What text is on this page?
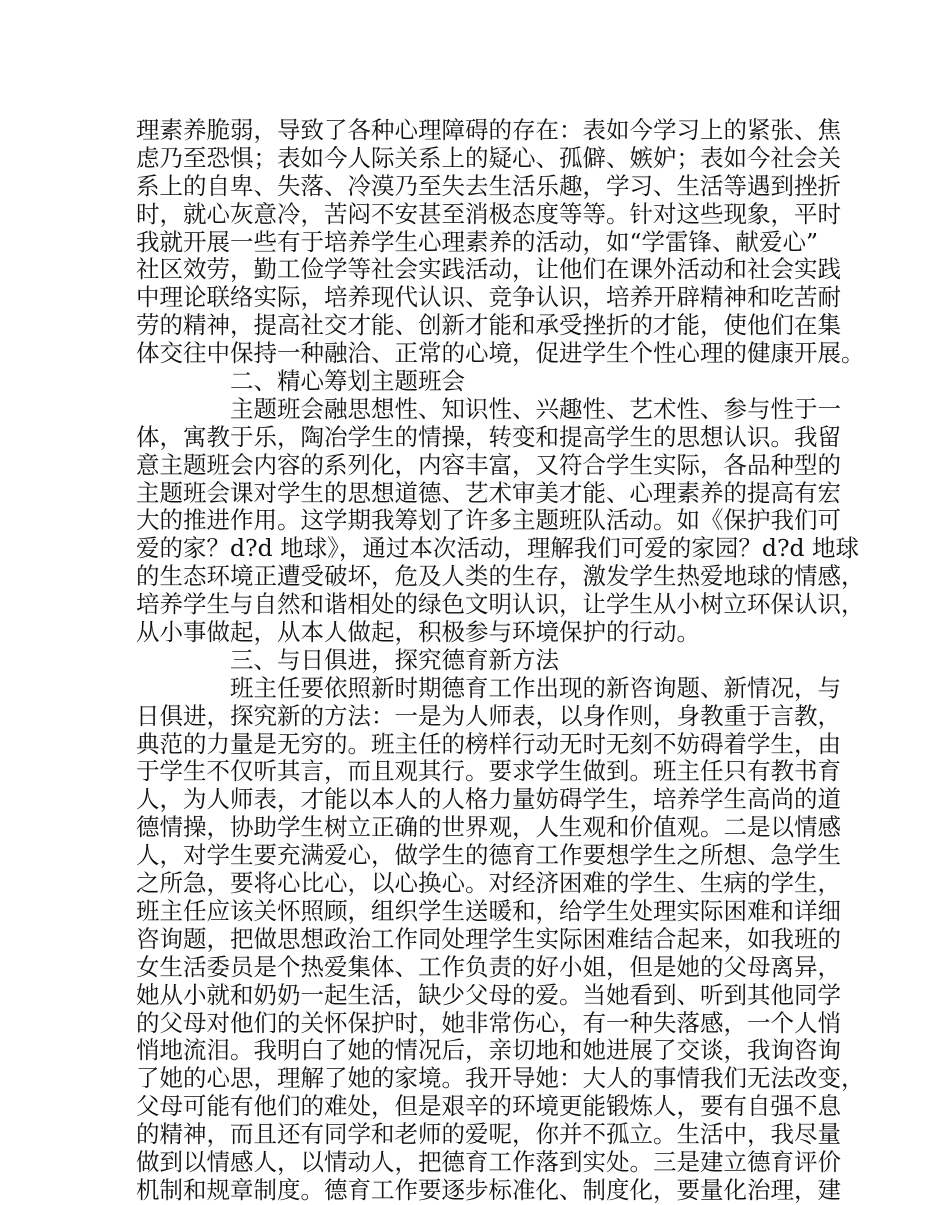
理素养脆弱，导致了各种心理障碍的存在：表如今学习上的紧张、焦
虑乃至恐惧；表如今人际关系上的疑心、孤僻、嫉妒；表如今社会关
系上的自卑、失落、冷漠乃至失去生活乐趣，学习、生活等遇到挫折
时，就心灰意冷，苦闷不安甚至消极态度等等。针对这些现象，平时
我就开展一些有于培养学生心理素养的活动，如“学雷锋、献爱心”
社区效劳，勤工俭学等社会实践活动，让他们在课外活动和社会实践
中理论联络实际，培养现代认识、竞争认识，培养开辟精神和吃苦耐
劳的精神，提高社交才能、创新才能和承受挫折的才能，使他们在集
体交往中保持一种融洽、正常的心境，促进学生个性心理的健康开展。
二、精心筹划主题班会
主题班会融思想性、知识性、兴趣性、艺术性、参与性于一
体，寓教于乐，陶冶学生的情操，转变和提高学生的思想认识。我留
意主题班会内容的系列化，内容丰富，又符合学生实际，各品种型的
主题班会课对学生的思想道德、艺术审美才能、心理素养的提高有宏
大的推进作用。这学期我筹划了许多主题班队活动。如《保护我们可
爱的家？d?d 地球》，通过本次活动，理解我们可爱的家园？d?d 地球
的生态环境正遭受破坏，危及人类的生存，激发学生热爱地球的情感，
培养学生与自然和谐相处的绿色文明认识，让学生从小树立环保认识，
从小事做起，从本人做起，积极参与环境保护的行动。
三、与日俱进，探究德育新方法
班主任要依照新时期德育工作出现的新咨询题、新情况，与
日俱进，探究新的方法：一是为人师表，以身作则，身教重于言教，
典范的力量是无穷的。班主任的榜样行动无时无刻不妨碍着学生，由
于学生不仅听其言，而且观其行。要求学生做到。班主任只有教书育
人，为人师表，才能以本人的人格力量妨碍学生，培养学生高尚的道
德情操，协助学生树立正确的世界观，人生观和价值观。二是以情感
人，对学生要充满爱心，做学生的德育工作要想学生之所想、急学生
之所急，要将心比心，以心换心。对经济困难的学生、生病的学生，
班主任应该关怀照顾，组织学生送暖和，给学生处理实际困难和详细
咨询题，把做思想政治工作同处理学生实际困难结合起来，如我班的
女生活委员是个热爱集体、工作负责的好小姐，但是她的父母离异，
她从小就和奶奶一起生活，缺少父母的爱。当她看到、听到其他同学
的父母对他们的关怀保护时，她非常伤心，有一种失落感，一个人悄
悄地流泪。我明白了她的情况后，亲切地和她进展了交谈，我询咨询
了她的心思，理解了她的家境。我开导她：大人的事情我们无法改变，
父母可能有他们的难处，但是艰辛的环境更能锻炼人，要有自强不息
的精神，而且还有同学和老师的爱呢，你并不孤立。生活中，我尽量
做到以情感人，以情动人，把德育工作落到实处。三是建立德育评价
机制和规章制度。德育工作要逐步标准化、制度化，要量化治理，建
